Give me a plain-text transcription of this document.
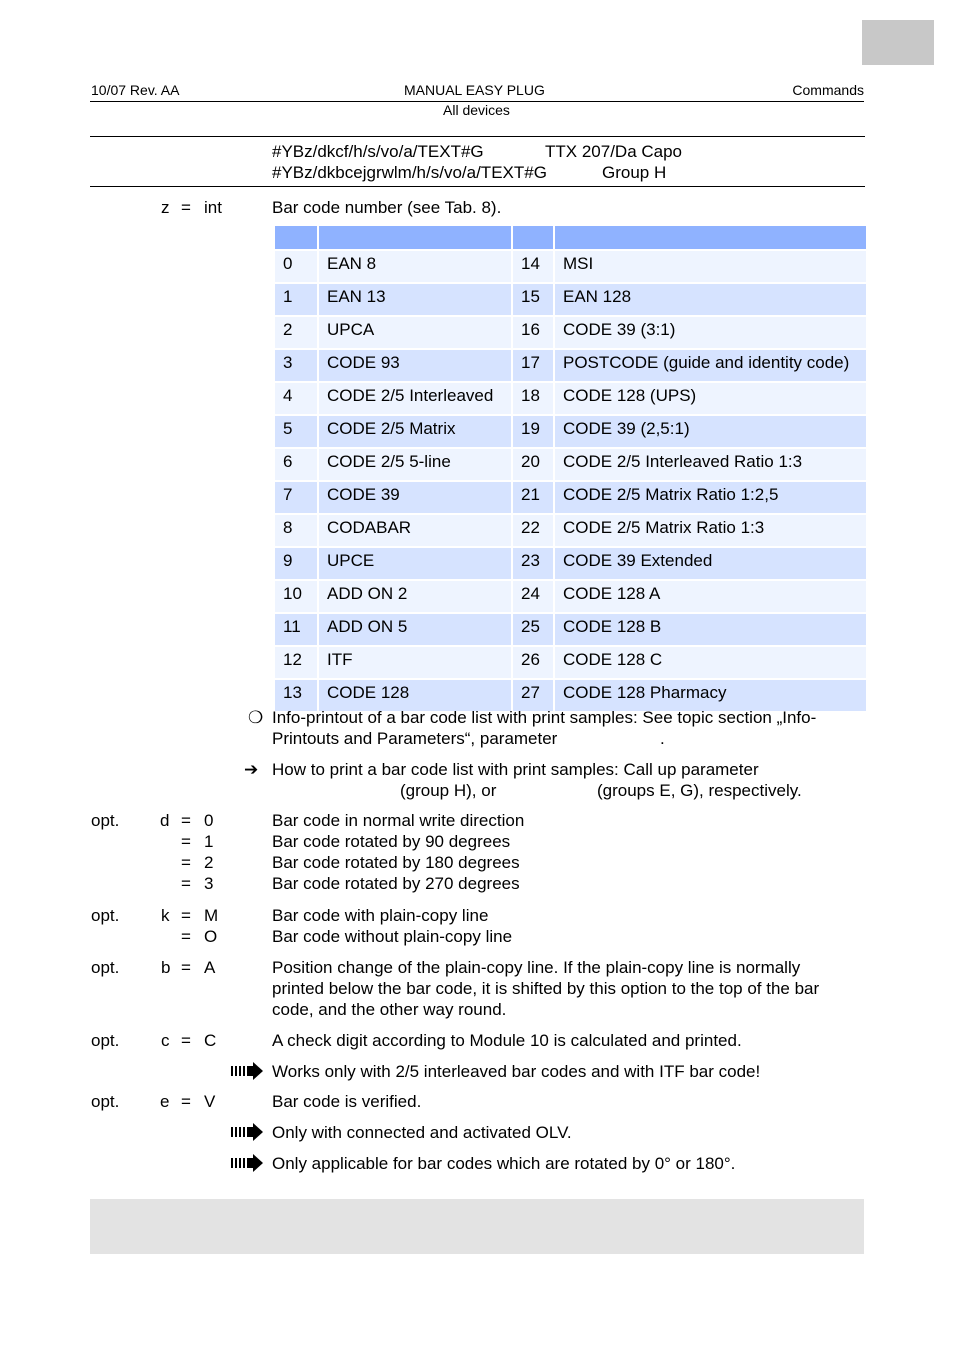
10/07 Rev. AA	MANUAL EASY PLUG	Commands
All devices
#YBz/dkcf/h/s/vo/a/TEXT#G	TTX 207/Da Capo
#YBz/dkbcejgrwlm/h/s/vo/a/TEXT#G	Group H
z = int	Bar code number (see Tab. 8).

0	EAN 8	14	MSI
1	EAN 13	15	EAN 128
2	UPCA	16	CODE 39 (3:1)
3	CODE 93	17	POSTCODE (guide and identity code)
4	CODE 2/5 Interleaved	18	CODE 128 (UPS)
5	CODE 2/5 Matrix	19	CODE 39 (2,5:1)
6	CODE 2/5 5-line	20	CODE 2/5 Interleaved Ratio 1:3
7	CODE 39	21	CODE 2/5 Matrix Ratio 1:2,5
8	CODABAR	22	CODE 2/5 Matrix Ratio 1:3
9	UPCE	23	CODE 39 Extended
10	ADD ON 2	24	CODE 128 A
11	ADD ON 5	25	CODE 128 B
12	ITF	26	CODE 128 C
13	CODE 128	27	CODE 128 Pharmacy
❍ Info-printout of a bar code list with print samples: See topic section „Info-
Printouts and Parameters“, parameter	.
➔ How to print a bar code list with print samples: Call up parameter
(group H), or	(groups E, G), respectively.
opt. d = 0	Bar code in normal write direction
= 1	Bar code rotated by 90 degrees
= 2	Bar code rotated by 180 degrees
= 3	Bar code rotated by 270 degrees
opt. k = M	Bar code with plain-copy line
= O	Bar code without plain-copy line
opt. b = A	Position change of the plain-copy line. If the plain-copy line is normally
printed below the bar code, it is shifted by this option to the top of the bar
code, and the other way round.
opt. c = C	A check digit according to Module 10 is calculated and printed.
Works only with 2/5 interleaved bar codes and with ITF bar code!
opt. e = V	Bar code is verified.
Only with connected and activated OLV.
Only applicable for bar codes which are rotated by 0° or 180°.
